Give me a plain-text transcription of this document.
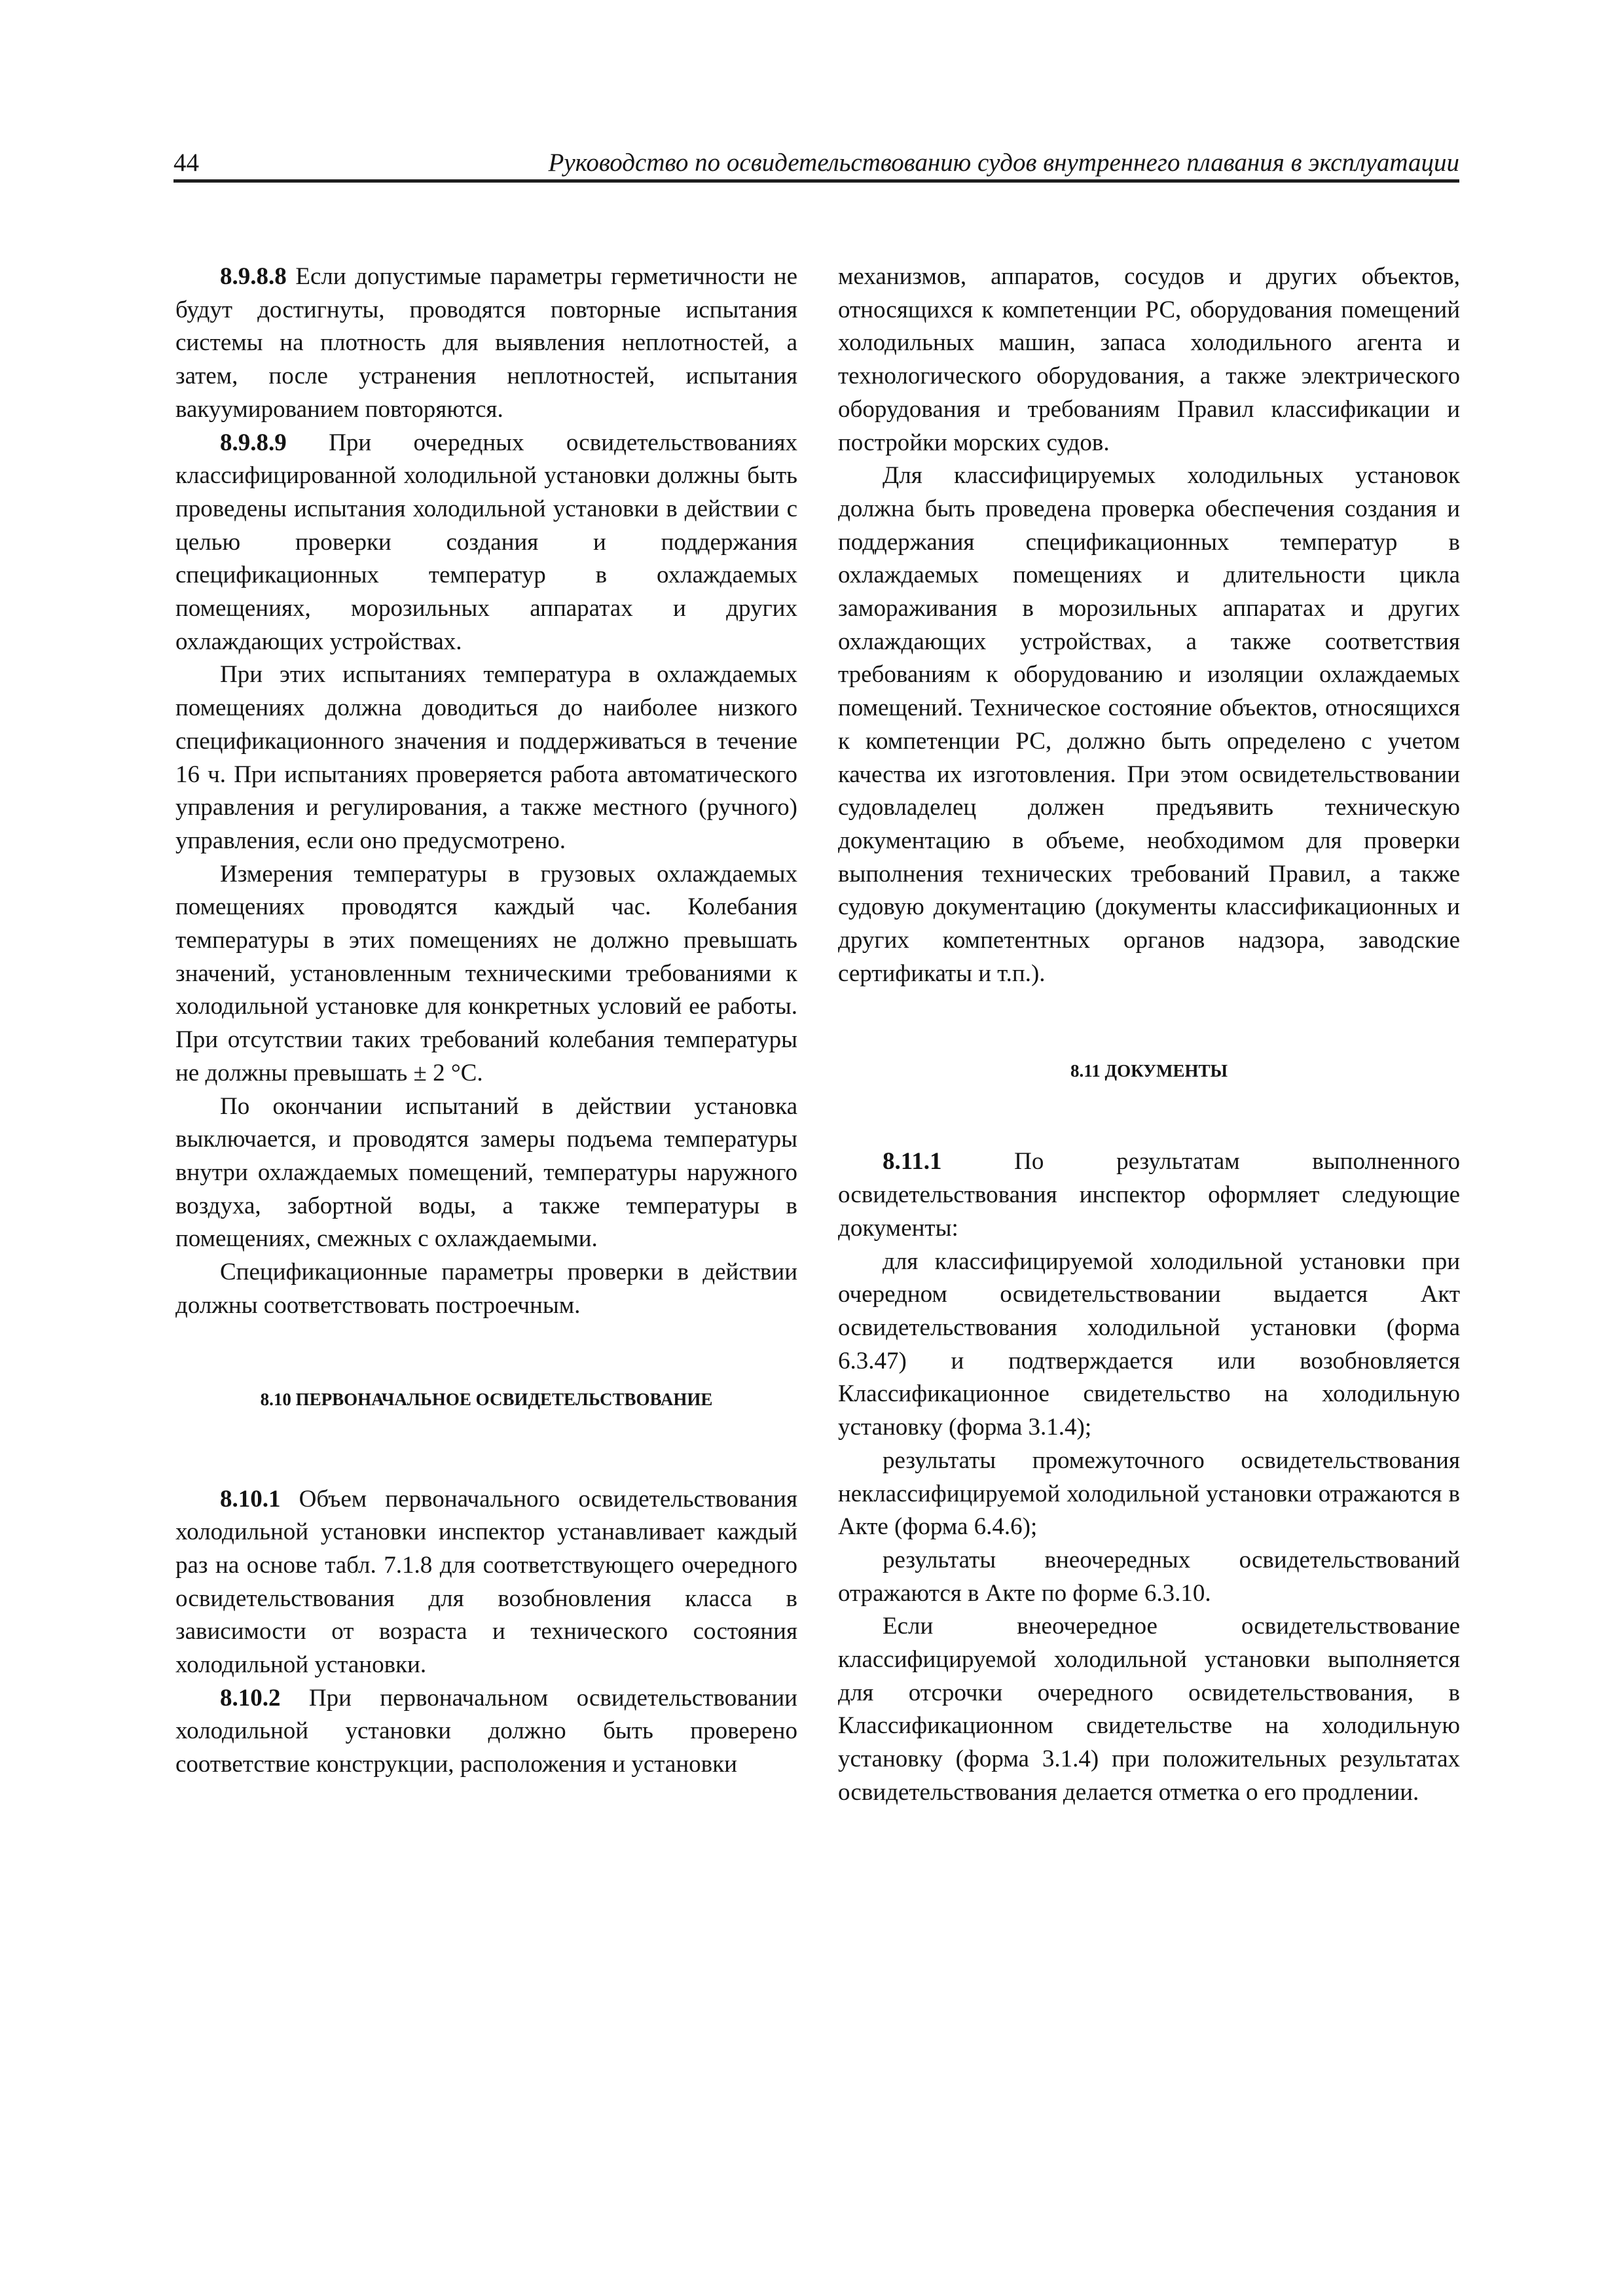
44	Руководство по освидетельствованию судов внутреннего плавания в эксплуатации

8.9.8.8 Если допустимые параметры герметичности не будут достигнуты, проводятся повторные испытания системы на плотность для выявления неплотностей, а затем, после устранения неплотностей, испытания вакуумированием повторяются.

8.9.8.9 При очередных освидетельствованиях классифицированной холодильной установки должны быть проведены испытания холодильной установки в действии с целью проверки создания и поддержания спецификационных температур в охлаждаемых помещениях, морозильных аппаратах и других охлаждающих устройствах.

При этих испытаниях температура в охлаждаемых помещениях должна доводиться до наиболее низкого спецификационного значения и поддерживаться в течение 16 ч. При испытаниях проверяется работа автоматического управления и регулирования, а также местного (ручного) управления, если оно предусмотрено.

Измерения температуры в грузовых охлаждаемых помещениях проводятся каждый час. Колебания температуры в этих помещениях не должно превышать значений, установленным техническими требованиями к холодильной установке для конкретных условий ее работы. При отсутствии таких требований колебания температуры не должны превышать ± 2 °С.

По окончании испытаний в действии установка выключается, и проводятся замеры подъема температуры внутри охлаждаемых помещений, температуры наружного воздуха, забортной воды, а также температуры в помещениях, смежных с охлаждаемыми.

Спецификационные параметры проверки в действии должны соответствовать построечным.

8.10 ПЕРВОНАЧАЛЬНОЕ ОСВИДЕТЕЛЬСТВОВАНИЕ

8.10.1 Объем первоначального освидетельствования холодильной установки инспектор устанавливает каждый раз на основе табл. 7.1.8 для соответствующего очередного освидетельствования для возобновления класса в зависимости от возраста и технического состояния холодильной установки.

8.10.2 При первоначальном освидетельствовании холодильной установки должно быть проверено соответствие конструкции, расположения и установки

механизмов, аппаратов, сосудов и других объектов, относящихся к компетенции РС, оборудования помещений холодильных машин, запаса холодильного агента и технологического оборудования, а также электрического оборудования и требованиям Правил классификации и постройки морских судов.

Для классифицируемых холодильных установок должна быть проведена проверка обеспечения создания и поддержания спецификационных температур в охлаждаемых помещениях и длительности цикла замораживания в морозильных аппаратах и других охлаждающих устройствах, а также соответствия требованиям к оборудованию и изоляции охлаждаемых помещений. Техническое состояние объектов, относящихся к компетенции РС, должно быть определено с учетом качества их изготовления. При этом освидетельствовании судовладелец должен предъявить техническую документацию в объеме, необходимом для проверки выполнения технических требований Правил, а также судовую документацию (документы классификационных и других компетентных органов надзора, заводские сертификаты и т.п.).

8.11 ДОКУМЕНТЫ

8.11.1 По результатам выполненного освидетельствования инспектор оформляет следующие документы:

для классифицируемой холодильной установки при очередном освидетельствовании выдается Акт освидетельствования холодильной установки (форма 6.3.47) и подтверждается или возобновляется Классификационное свидетельство на холодильную установку (форма 3.1.4);

результаты промежуточного освидетельствования неклассифицируемой холодильной установки отражаются в Акте (форма 6.4.6);

результаты внеочередных освидетельствований отражаются в Акте по форме 6.3.10.

Если внеочередное освидетельствование классифицируемой холодильной установки выполняется для отсрочки очередного освидетельствования, в Классификационном свидетельстве на холодильную установку (форма 3.1.4) при положительных результатах освидетельствования делается отметка о его продлении.
